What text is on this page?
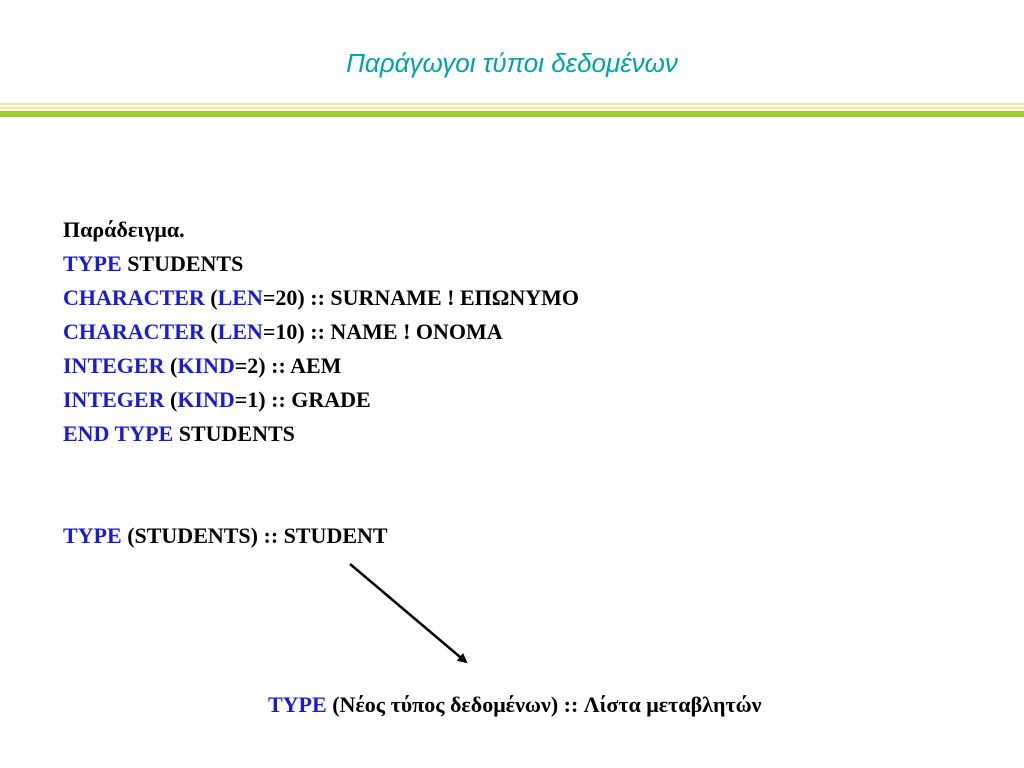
Παράγωγοι τύποι δεδομένων
Παράδειγμα.
TYPE STUDENTS
CHARACTER (LEN=20) :: SURNAME ! ΕΠΩΝΥΜΟ
CHARACTER (LEN=10) :: NAME ! ΟΝΟΜΑ
INTEGER (KIND=2) :: AEM
INTEGER (KIND=1) :: GRADE
END TYPE STUDENTS
TYPE (STUDENTS) :: STUDENT
TYPE (Νέος τύπος δεδομένων) :: Λίστα μεταβλητών
